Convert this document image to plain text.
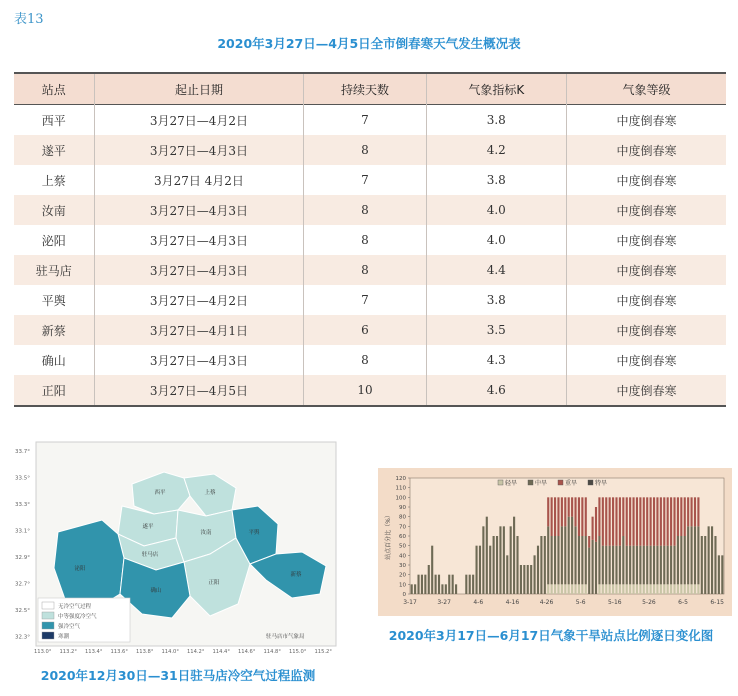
表13
2020年3月27日—4月5日全市倒春寒天气发生概况表
站点	起止日期	持续天数	气象指标K	气象等级
西平	3月27日—4月2日	7	3.8	中度倒春寒
遂平	3月27日—4月3日	8	4.2	中度倒春寒
上蔡	3月27日 4月2日	7	3.8	中度倒春寒
汝南	3月27日—4月3日	8	4.0	中度倒春寒
泌阳	3月27日—4月3日	8	4.0	中度倒春寒
驻马店	3月27日—4月3日	8	4.4	中度倒春寒
平舆	3月27日—4月2日	7	3.8	中度倒春寒
新蔡	3月27日—4月1日	6	3.5	中度倒春寒
确山	3月27日—4月3日	8	4.3	中度倒春寒
正阳	3月27日—4月5日	10	4.6	中度倒春寒
33.7°
33.5°
33.3°
33.1°
32.9°
32.7°
32.5°
32.3°
113.0° 113.2° 113.4° 113.6° 113.8° 114.0° 114.2° 114.4° 114.6° 114.8° 115.0° 115.2°
西平	上蔡
遂平
驻马店
汝南
正阳
平舆
新蔡
泌阳
确山
无冷空气过程
中等强度冷空气
强冷空气
寒潮	驻马店市气象局
2020年12月30日—31日驻马店冷空气过程监测
0
10
20
30
40
50
60
70
80
90
100
110
120
站点百分比（%）
3-17	3-27	4-6	4-16	4-26	5-6	5-16	5-26	6-5	6-15
轻旱	中旱	重旱	特旱
2020年3月17日—6月17日气象干旱站点比例逐日变化图
